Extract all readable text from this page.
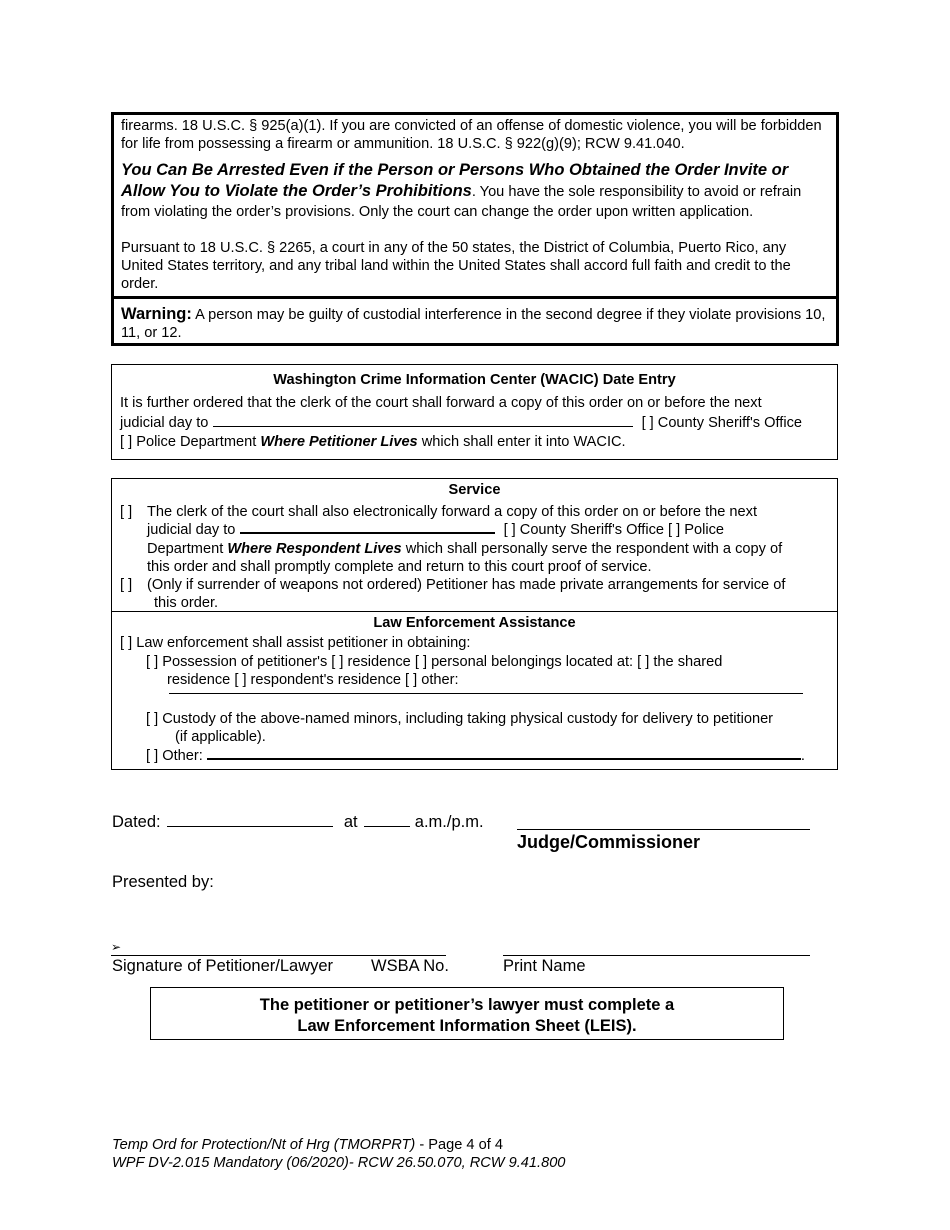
firearms. 18 U.S.C. § 925(a)(1). If you are convicted of an offense of domestic violence, you will be forbidden for life from possessing a firearm or ammunition. 18 U.S.C. § 922(g)(9); RCW 9.41.040.

You Can Be Arrested Even if the Person or Persons Who Obtained the Order Invite or Allow You to Violate the Order’s Prohibitions. You have the sole responsibility to avoid or refrain from violating the order’s provisions. Only the court can change the order upon written application.

Pursuant to 18 U.S.C. § 2265, a court in any of the 50 states, the District of Columbia, Puerto Rico, any United States territory, and any tribal land within the United States shall accord full faith and credit to the order.

Warning: A person may be guilty of custodial interference in the second degree if they violate provisions 10, 11, or 12.

Washington Crime Information Center (WACIC) Date Entry

It is further ordered that the clerk of the court shall forward a copy of this order on or before the next

judicial day to	[ ] County Sheriff's Office

[ ] Police Department Where Petitioner Lives which shall enter it into WACIC.

Service

[ ] The clerk of the court shall also electronically forward a copy of this order on or before the next

judicial day to	[ ] County Sheriff's Office [ ] Police

Department Where Respondent Lives which shall personally serve the respondent with a copy of

this order and shall promptly complete and return to this court proof of service.

[ ] (Only if surrender of weapons not ordered) Petitioner has made private arrangements for service of

this order.

Law Enforcement Assistance

[ ] Law enforcement shall assist petitioner in obtaining:

[ ] Possession of petitioner's [ ] residence [ ] personal belongings located at: [ ] the shared

residence [ ] respondent's residence [ ] other:

[ ] Custody of the above-named minors, including taking physical custody for delivery to petitioner

(if applicable).

[ ] Other:	.

Dated:	at	a.m./p.m.
Judge/Commissioner
Presented by:
➢
Signature of Petitioner/Lawyer WSBA No.	Print Name

The petitioner or petitioner’s lawyer must complete a

Law Enforcement Information Sheet (LEIS).

Temp Ord for Protection/Nt of Hrg (TMORPRT) - Page 4 of 4
WPF DV-2.015 Mandatory (06/2020)- RCW 26.50.070, RCW 9.41.800
